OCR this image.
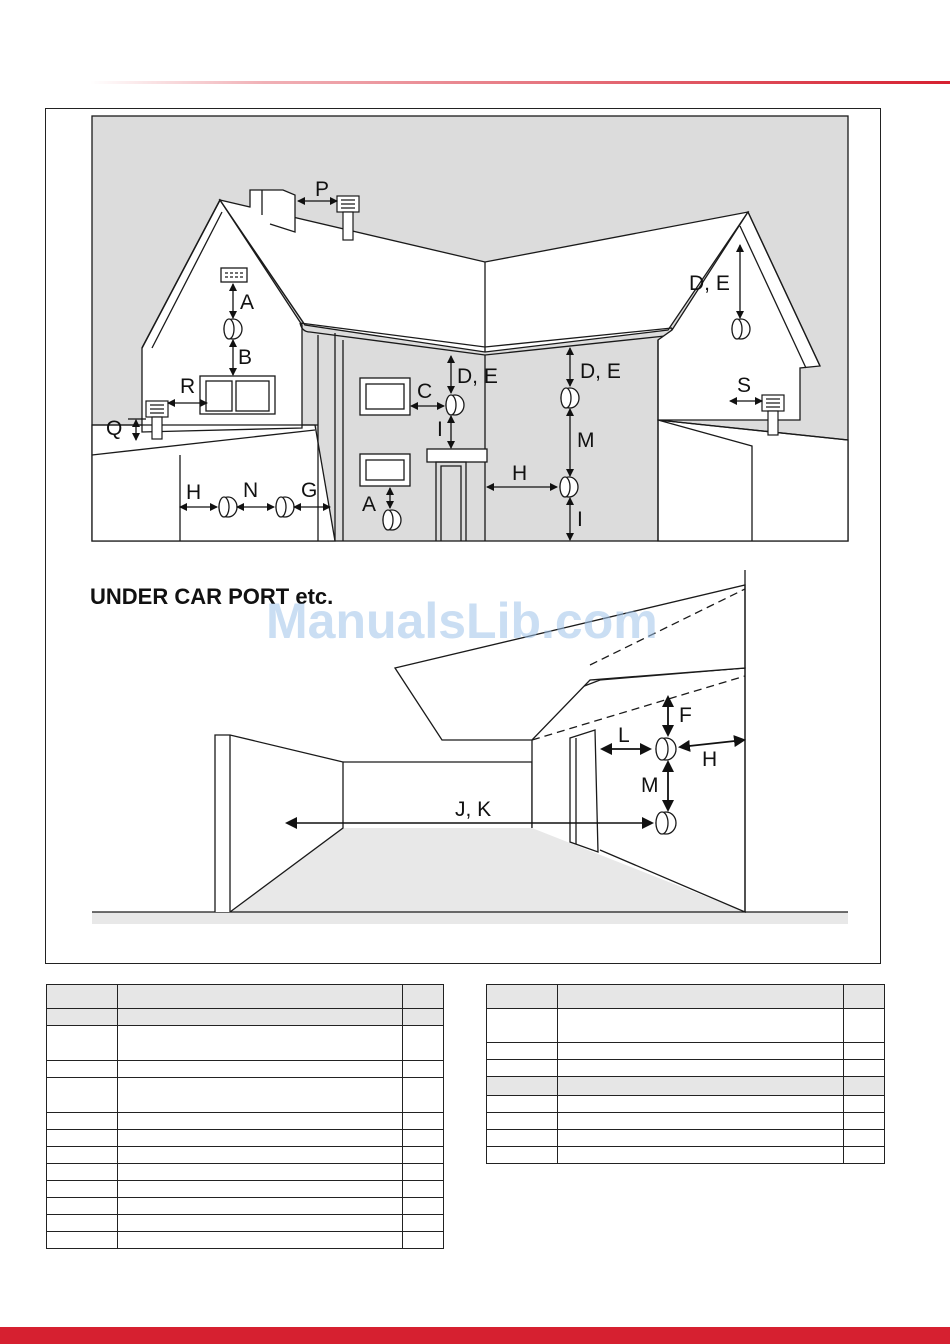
P
A
B
R
Q
C
D, E
I
D, E
M
D, E
S
H
I
A
H N G
UNDER CAR PORT etc.
F
L
H
M
J, K
ManualsLib.com
